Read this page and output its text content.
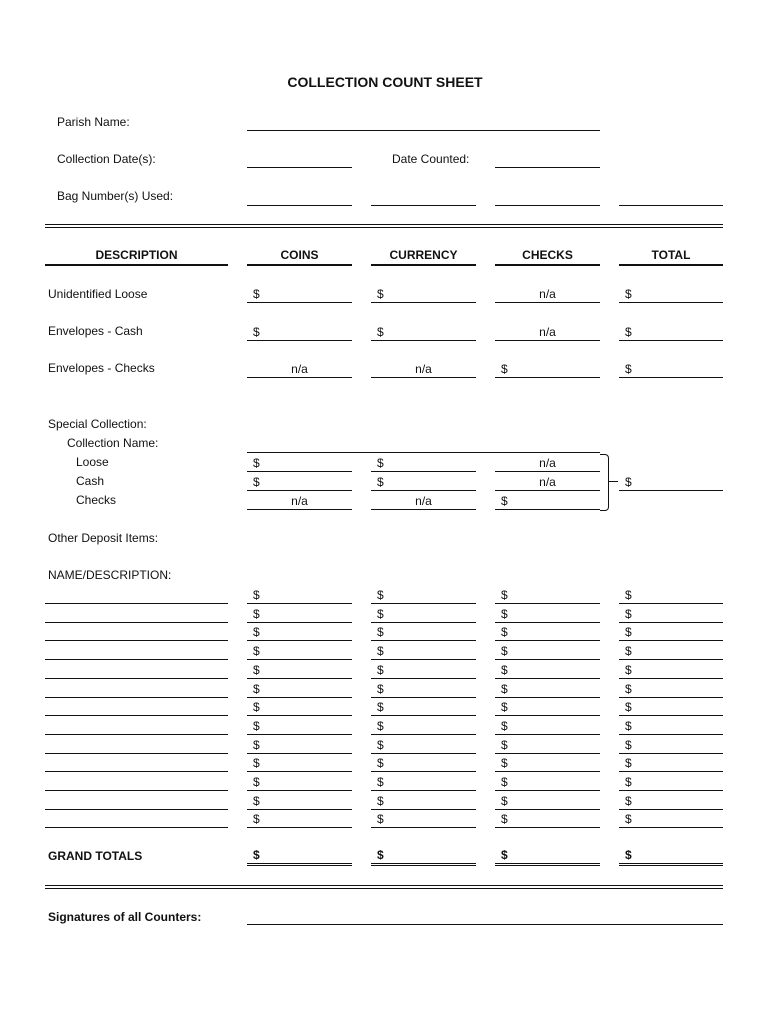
COLLECTION COUNT SHEET
Parish Name:
Collection Date(s):	Date Counted:
Bag Number(s) Used:
DESCRIPTION	COINS	CURRENCY	CHECKS	TOTAL
Unidentified Loose	$	$	n/a	$
Envelopes - Cash	$	$	n/a	$
Envelopes - Checks	n/a	n/a	$	$
Special Collection:
Collection Name:
Loose	$	$	n/a
Cash	$	$	n/a
Checks	n/a	n/a	$
$
Other Deposit Items:
NAME/DESCRIPTION:
$	$	$	$
$	$	$	$
$	$	$	$
$	$	$	$
$	$	$	$
$	$	$	$
$	$	$	$
$	$	$	$
$	$	$	$
$	$	$	$
$	$	$	$
$	$	$	$
$	$	$	$
GRAND TOTALS	$	$	$	$
Signatures of all Counters:
